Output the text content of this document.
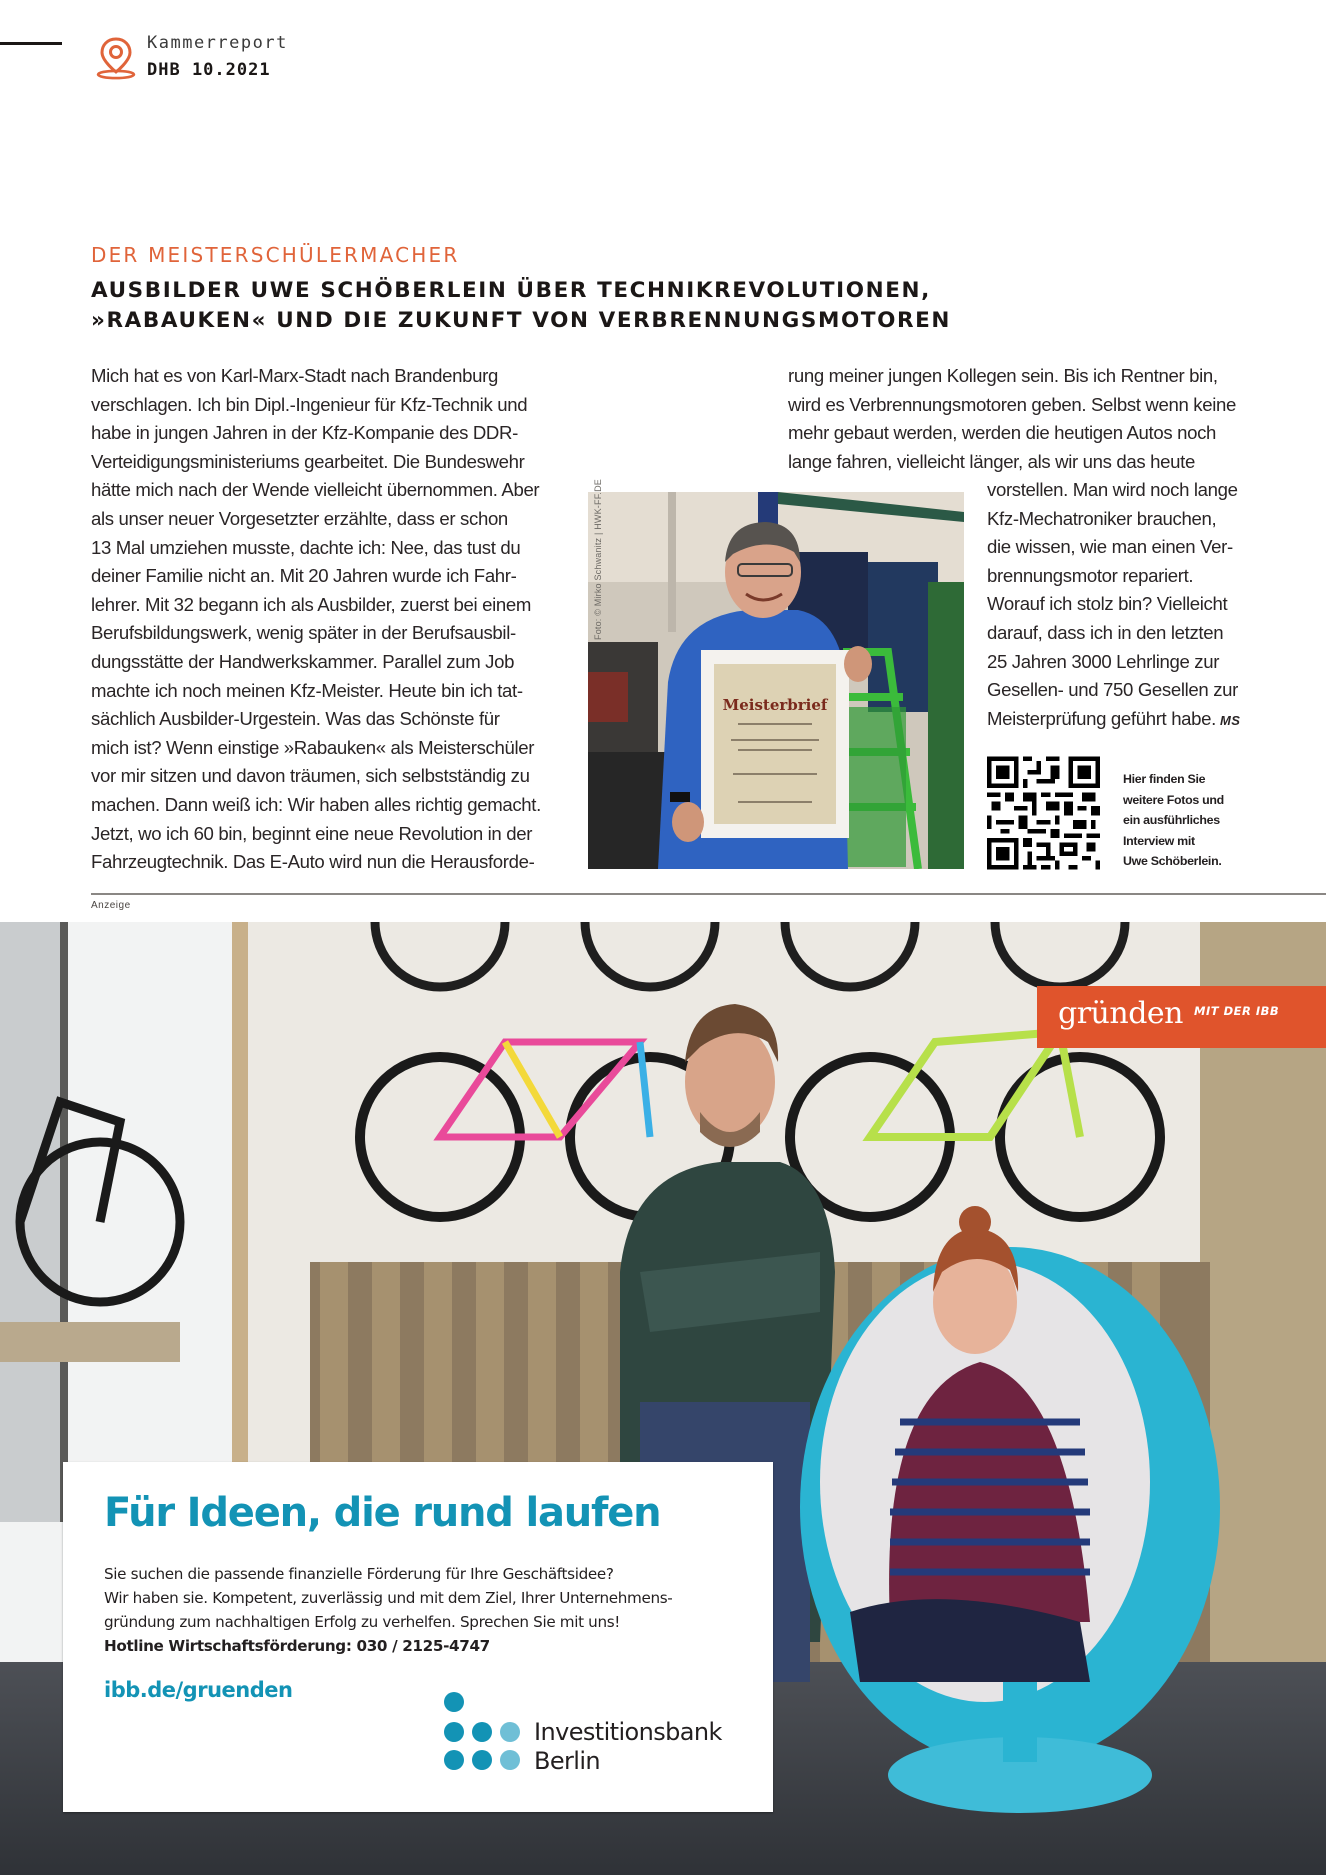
Kammerreport
DHB 10.2021
DER MEISTERSCHÜLERMACHER
AUSBILDER UWE SCHÖBERLEIN ÜBER TECHNIKREVOLUTIONEN,
»RABAUKEN« UND DIE ZUKUNFT VON VERBRENNUNGSMOTOREN
Mich hat es von Karl-Marx-Stadt nach Brandenburg
verschlagen. Ich bin Dipl.-Ingenieur für Kfz-Technik und
habe in jungen Jahren in der Kfz-Kompanie des DDR-
Verteidigungsministeriums gearbeitet. Die Bundeswehr
hätte mich nach der Wende vielleicht übernommen. Aber
als unser neuer Vorgesetzter erzählte, dass er schon
13 Mal umziehen musste, dachte ich: Nee, das tust du
deiner Familie nicht an. Mit 20 Jahren wurde ich Fahr-
lehrer. Mit 32 begann ich als Ausbilder, zuerst bei einem
Berufsbildungswerk, wenig später in der Berufsausbil-
dungsstätte der Handwerkskammer. Parallel zum Job
machte ich noch meinen Kfz-Meister. Heute bin ich tat-
sächlich Ausbilder-Urgestein. Was das Schönste für
mich ist? Wenn einstige »Rabauken« als Meisterschüler
vor mir sitzen und davon träumen, sich selbstständig zu
machen. Dann weiß ich: Wir haben alles richtig gemacht.
Jetzt, wo ich 60 bin, beginnt eine neue Revolution in der
Fahrzeugtechnik. Das E-Auto wird nun die Herausforde-
rung meiner jungen Kollegen sein. Bis ich Rentner bin,
wird es Verbrennungsmotoren geben. Selbst wenn keine
mehr gebaut werden, werden die heutigen Autos noch
lange fahren, vielleicht länger, als wir uns das heute
vorstellen. Man wird noch lange
Kfz-Mechatroniker brauchen,
die wissen, wie man einen Ver-
brennungsmotor repariert.
Worauf ich stolz bin? Vielleicht
darauf, dass ich in den letzten
25 Jahren 3000 Lehrlinge zur
Gesellen- und 750 Gesellen zur
Meisterprüfung geführt habe. MS
Meisterbrief
Foto: © Mirko Schwanitz | HWK-FF.DE
Hier finden Sie
weitere Fotos und
ein ausführliches
Interview mit
Uwe Schöberlein.
Anzeige
gründen MIT DER IBB
Für Ideen, die rund laufen
Sie suchen die passende finanzielle Förderung für Ihre Geschäftsidee?
Wir haben sie. Kompetent, zuverlässig und mit dem Ziel, Ihrer Unternehmens-
gründung zum nachhaltigen Erfolg zu verhelfen. Sprechen Sie mit uns!
Hotline Wirtschaftsförderung: 030 / 2125-4747
ibb.de/gruenden
Investitionsbank
Berlin
